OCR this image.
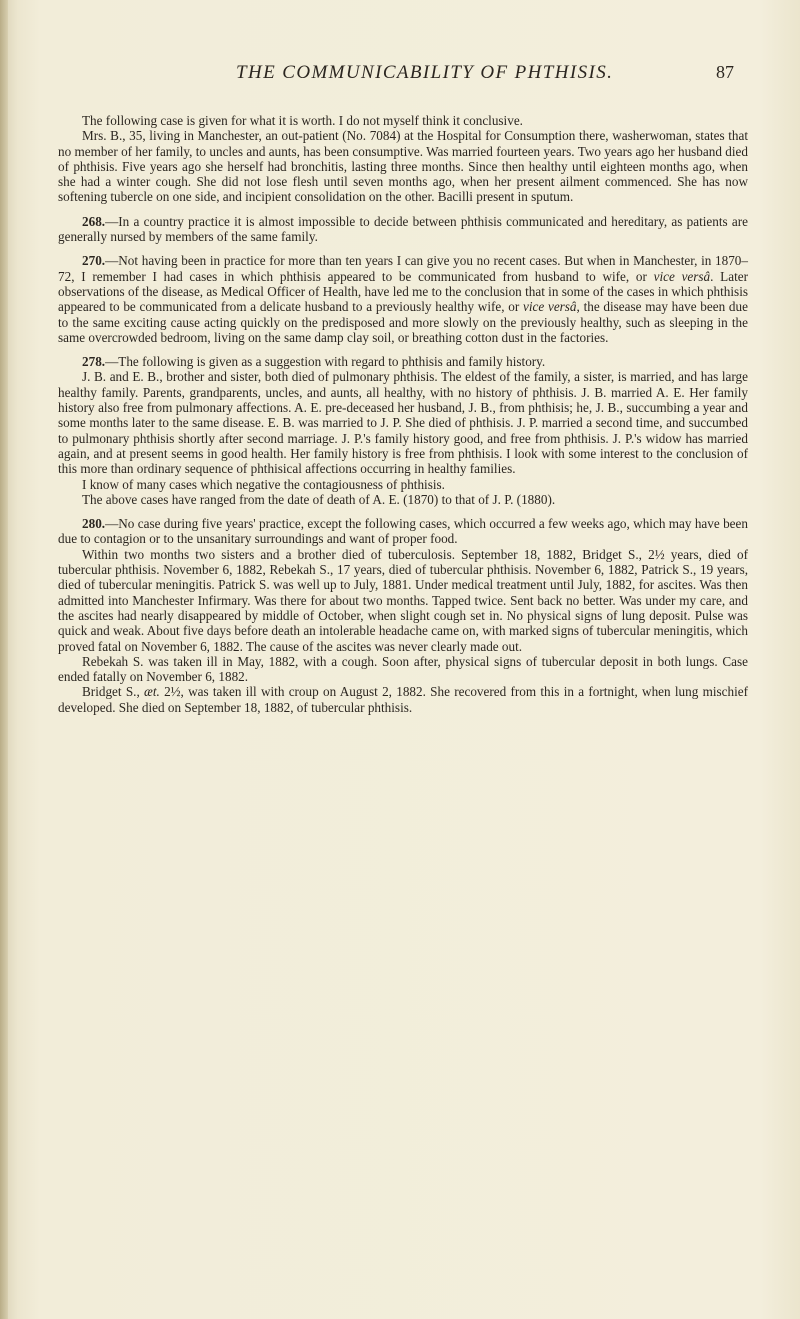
THE COMMUNICABILITY OF PHTHISIS.	87

The following case is given for what it is worth. I do not myself think it conclusive.

Mrs. B., 35, living in Manchester, an out-patient (No. 7084) at the Hospital for Consumption there, washerwoman, states that no member of her family, to uncles and aunts, has been consumptive. Was married fourteen years. Two years ago her husband died of phthisis. Five years ago she herself had bronchitis, lasting three months. Since then healthy until eighteen months ago, when she had a winter cough. She did not lose flesh until seven months ago, when her present ailment commenced. She has now softening tubercle on one side, and incipient consolidation on the other. Bacilli present in sputum.

268.—In a country practice it is almost impossible to decide between phthisis communicated and hereditary, as patients are generally nursed by members of the same family.

270.—Not having been in practice for more than ten years I can give you no recent cases. But when in Manchester, in 1870–72, I remember I had cases in which phthisis appeared to be communicated from husband to wife, or vice versâ. Later observations of the disease, as Medical Officer of Health, have led me to the conclusion that in some of the cases in which phthisis appeared to be communicated from a delicate husband to a previously healthy wife, or vice versâ, the disease may have been due to the same exciting cause acting quickly on the predisposed and more slowly on the previously healthy, such as sleeping in the same overcrowded bedroom, living on the same damp clay soil, or breathing cotton dust in the factories.

278.—The following is given as a suggestion with regard to phthisis and family history.

J. B. and E. B., brother and sister, both died of pulmonary phthisis. The eldest of the family, a sister, is married, and has large healthy family. Parents, grandparents, uncles, and aunts, all healthy, with no history of phthisis. J. B. married A. E. Her family history also free from pulmonary affections. A. E. pre-deceased her husband, J. B., from phthisis; he, J. B., succumbing a year and some months later to the same disease. E. B. was married to J. P. She died of phthisis. J. P. married a second time, and succumbed to pulmonary phthisis shortly after second marriage. J. P.'s family history good, and free from phthisis. J. P.'s widow has married again, and at present seems in good health. Her family history is free from phthisis. I look with some interest to the conclusion of this more than ordinary sequence of phthisical affections occurring in healthy families.

I know of many cases which negative the contagiousness of phthisis.

The above cases have ranged from the date of death of A. E. (1870) to that of J. P. (1880).

280.—No case during five years' practice, except the following cases, which occurred a few weeks ago, which may have been due to contagion or to the unsanitary surroundings and want of proper food.

Within two months two sisters and a brother died of tuberculosis. September 18, 1882, Bridget S., 2½ years, died of tubercular phthisis. November 6, 1882, Rebekah S., 17 years, died of tubercular phthisis. November 6, 1882, Patrick S., 19 years, died of tubercular meningitis. Patrick S. was well up to July, 1881. Under medical treatment until July, 1882, for ascites. Was then admitted into Manchester Infirmary. Was there for about two months. Tapped twice. Sent back no better. Was under my care, and the ascites had nearly disappeared by middle of October, when slight cough set in. No physical signs of lung deposit. Pulse was quick and weak. About five days before death an intolerable headache came on, with marked signs of tubercular meningitis, which proved fatal on November 6, 1882. The cause of the ascites was never clearly made out.

Rebekah S. was taken ill in May, 1882, with a cough. Soon after, physical signs of tubercular deposit in both lungs. Case ended fatally on November 6, 1882.

Bridget S., æt. 2½, was taken ill with croup on August 2, 1882. She recovered from this in a fortnight, when lung mischief developed. She died on September 18, 1882, of tubercular phthisis.
